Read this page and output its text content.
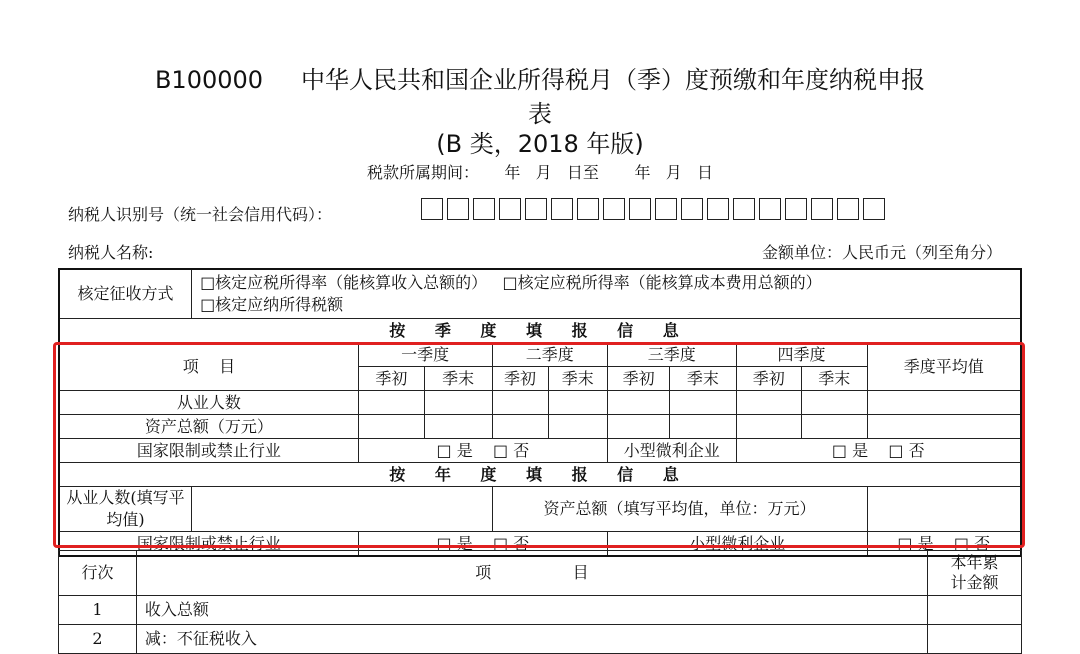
B100000 中华人民共和国企业所得税月（季）度预缴和年度纳税申报
表
(B 类，2018 年版)
税款所属期间：     年   月   日至       年   月   日
纳税人识别号（统一社会信用代码）：
纳税人名称:	金额单位：人民币元（列至角分）
核定征收方式	□核定应税所得率（能核算收入总额的） □核定应税所得率（能核算成本费用总额的）
□核定应纳所得税额									
按 季 度 填 报 信 息										
项    目		一季度		二季度		三季度		四季度		季度平均值
		季初	季末	季初	季末	季初	季末	季初	季末	
从业人数										
资产总额（万元）										
国家限制或禁止行业		□ 是    □ 否				小型微利企业		□ 是    □ 否		
按 年 度 填 报 信 息										
从业人数(填写平均值)				资产总额（填写平均值，单位：万元）						
国家限制或禁止行业		□ 是    □ 否				小型微利企业				□ 是    □ 否
行次	项                目	本年累
计金额
1	收入总额	
2	减：不征税收入	
